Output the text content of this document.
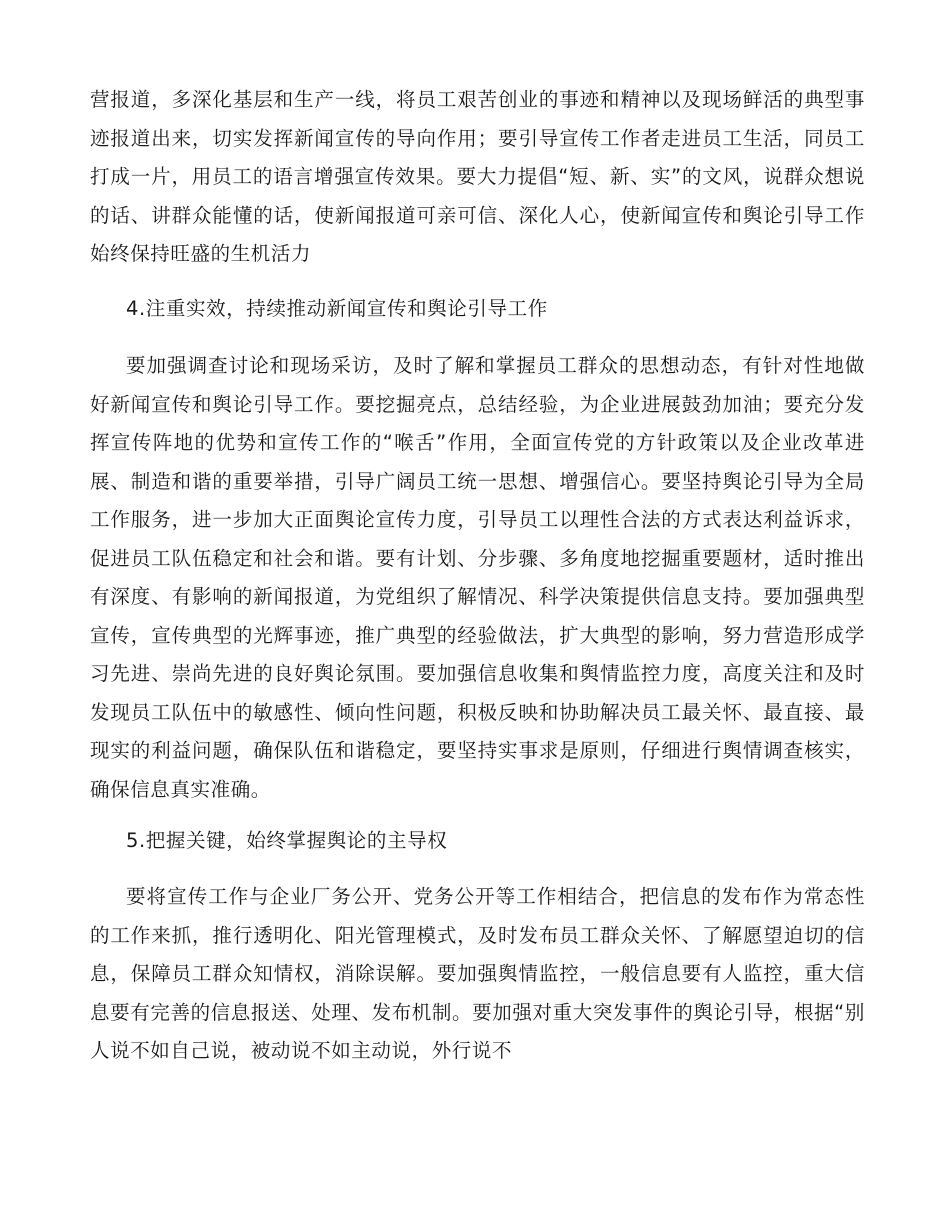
营报道，多深化基层和生产一线，将员工艰苦创业的事迹和精神以及现场鲜活的典型事迹报道出来，切实发挥新闻宣传的导向作用；要引导宣传工作者走进员工生活，同员工打成一片，用员工的语言增强宣传效果。要大力提倡“短、新、实”的文风，说群众想说的话、讲群众能懂的话，使新闻报道可亲可信、深化人心，使新闻宣传和舆论引导工作始终保持旺盛的生机活力
4.注重实效，持续推动新闻宣传和舆论引导工作
要加强调查讨论和现场采访，及时了解和掌握员工群众的思想动态，有针对性地做好新闻宣传和舆论引导工作。要挖掘亮点，总结经验，为企业进展鼓劲加油；要充分发挥宣传阵地的优势和宣传工作的“喉舌”作用，全面宣传党的方针政策以及企业改革进展、制造和谐的重要举措，引导广阔员工统一思想、增强信心。要坚持舆论引导为全局工作服务，进一步加大正面舆论宣传力度，引导员工以理性合法的方式表达利益诉求，促进员工队伍稳定和社会和谐。要有计划、分步骤、多角度地挖掘重要题材，适时推出有深度、有影响的新闻报道，为党组织了解情况、科学决策提供信息支持。要加强典型宣传，宣传典型的光辉事迹，推广典型的经验做法，扩大典型的影响，努力营造形成学习先进、崇尚先进的良好舆论氛围。要加强信息收集和舆情监控力度，高度关注和及时发现员工队伍中的敏感性、倾向性问题，积极反映和协助解决员工最关怀、最直接、最现实的利益问题，确保队伍和谐稳定，要坚持实事求是原则，仔细进行舆情调查核实，确保信息真实准确。
5.把握关键，始终掌握舆论的主导权
要将宣传工作与企业厂务公开、党务公开等工作相结合，把信息的发布作为常态性的工作来抓，推行透明化、阳光管理模式，及时发布员工群众关怀、了解愿望迫切的信息，保障员工群众知情权，消除误解。要加强舆情监控，一般信息要有人监控，重大信息要有完善的信息报送、处理、发布机制。要加强对重大突发事件的舆论引导，根据“别人说不如自己说，被动说不如主动说，外行说不
